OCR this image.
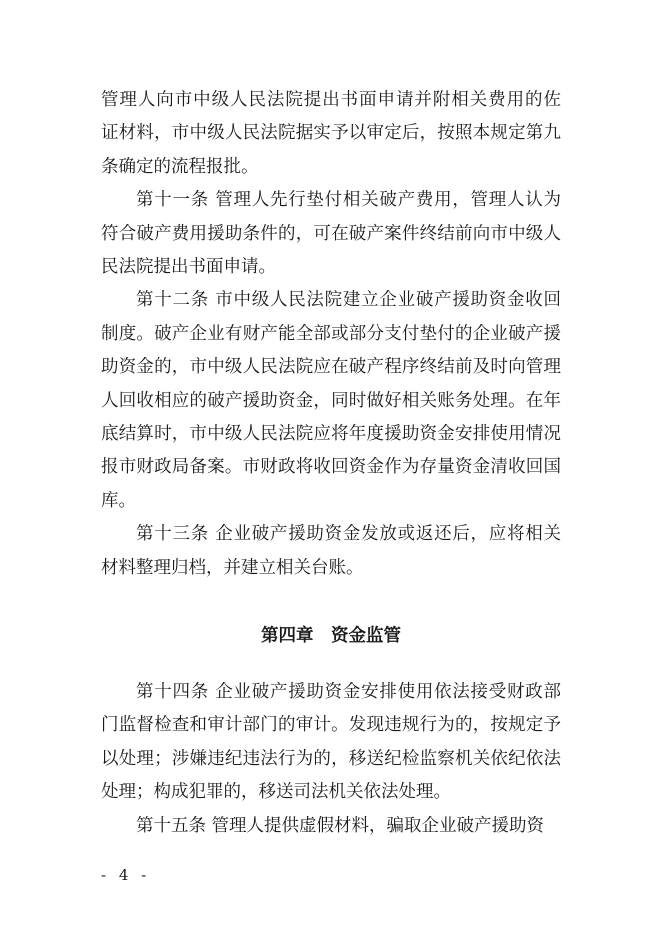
管理人向市中级人民法院提出书面申请并附相关费用的佐
证材料，市中级人民法院据实予以审定后，按照本规定第九
条确定的流程报批。
第十一条 管理人先行垫付相关破产费用，管理人认为
符合破产费用援助条件的，可在破产案件终结前向市中级人
民法院提出书面申请。
第十二条 市中级人民法院建立企业破产援助资金收回
制度。破产企业有财产能全部或部分支付垫付的企业破产援
助资金的，市中级人民法院应在破产程序终结前及时向管理
人回收相应的破产援助资金，同时做好相关账务处理。在年
底结算时，市中级人民法院应将年度援助资金安排使用情况
报市财政局备案。市财政将收回资金作为存量资金清收回国
库。
第十三条 企业破产援助资金发放或返还后，应将相关
材料整理归档，并建立相关台账。
第十四条 企业破产援助资金安排使用依法接受财政部
门监督检查和审计部门的审计。发现违规行为的，按规定予
以处理；涉嫌违纪违法行为的，移送纪检监察机关依纪依法
处理；构成犯罪的，移送司法机关依法处理。
第十五条 管理人提供虚假材料，骗取企业破产援助资
第四章　资金监管
- 4 -
